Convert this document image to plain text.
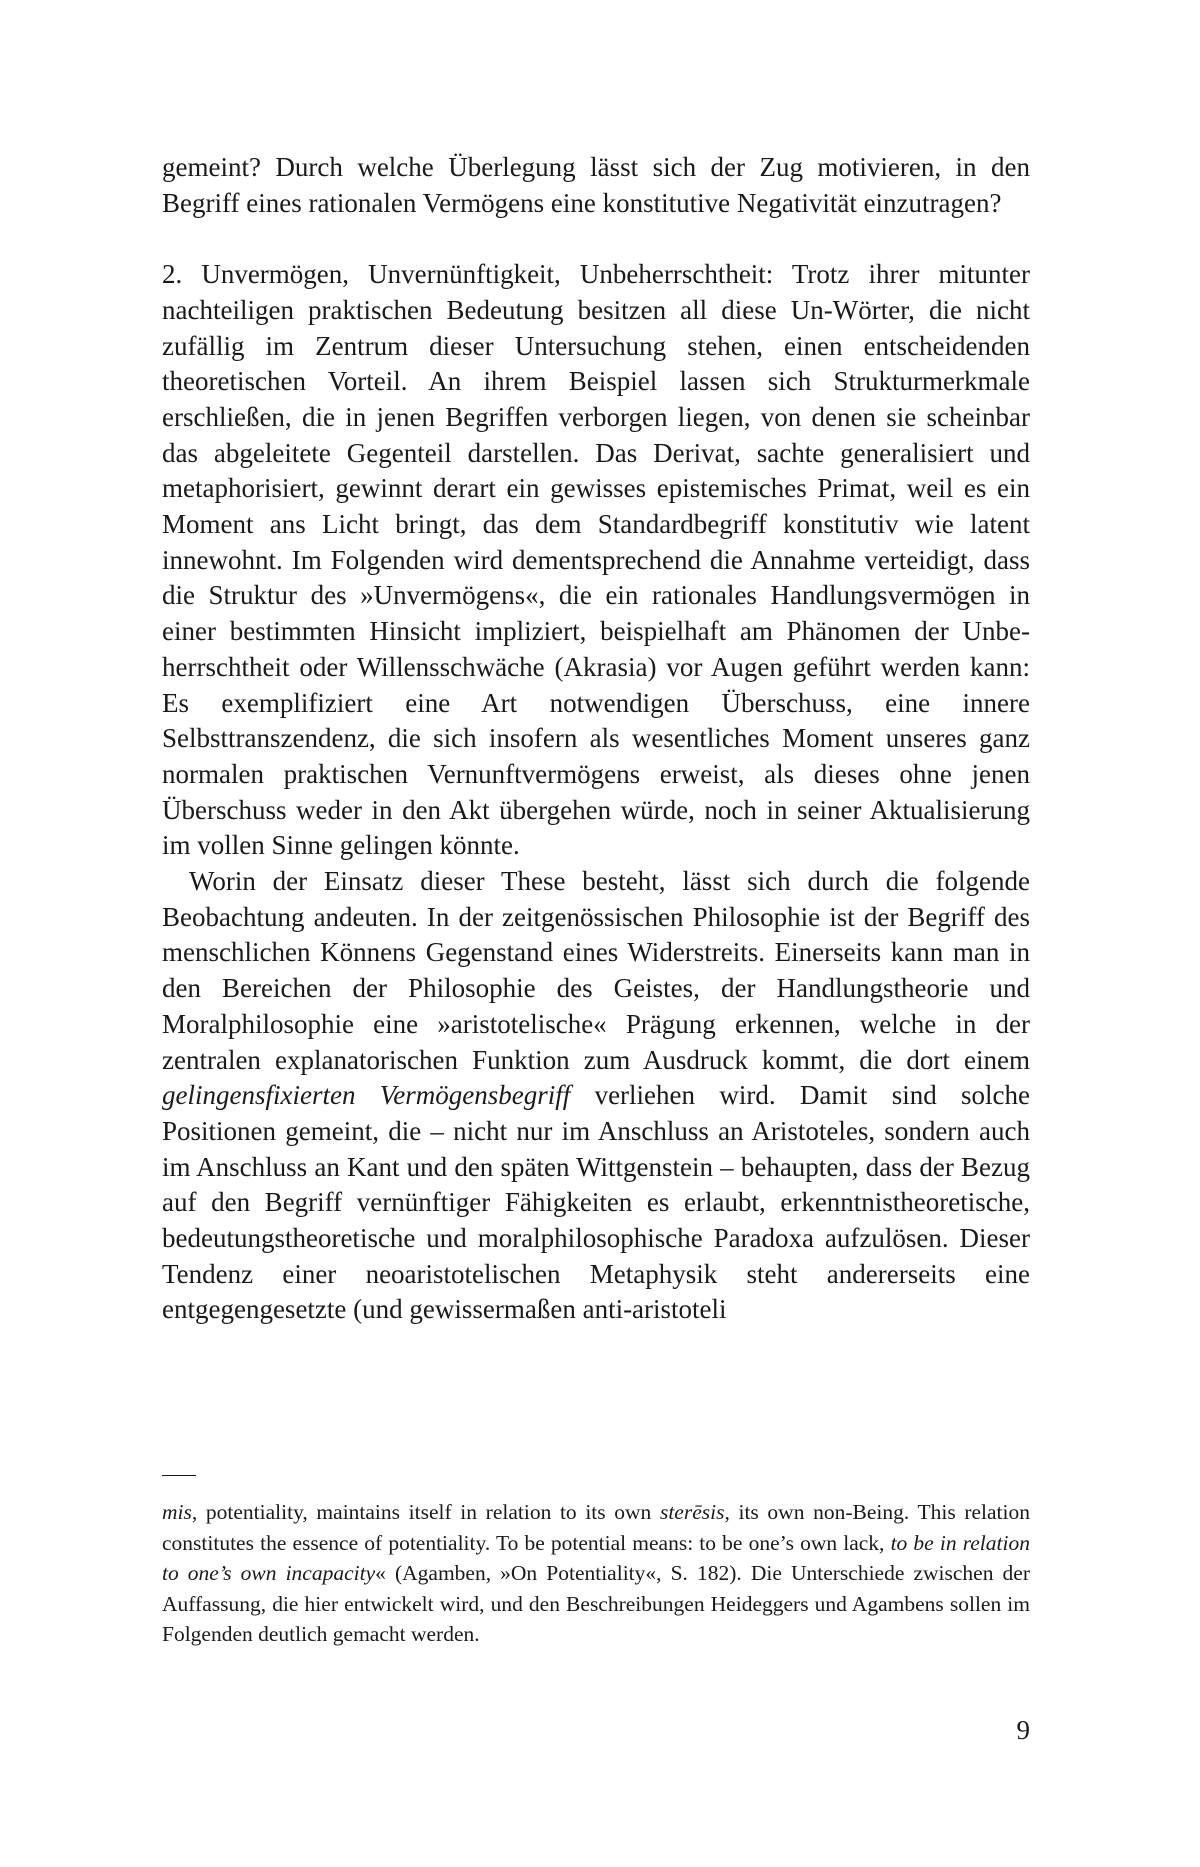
gemeint? Durch welche Überlegung lässt sich der Zug motivieren, in den Begriff eines rationalen Vermögens eine konstitutive Negativität einzutragen?

2. Unvermögen, Unvernünftigkeit, Unbeherrschtheit: Trotz ihrer mitunter nachteiligen praktischen Bedeutung besitzen all diese Un-Wörter, die nicht zufällig im Zentrum dieser Untersuchung stehen, einen entscheidenden theoretischen Vorteil. An ihrem Beispiel lassen sich Strukturmerkmale erschließen, die in jenen Begriffen verborgen liegen, von denen sie scheinbar das abgeleitete Gegenteil darstellen. Das Derivat, sachte generalisiert und metaphorisiert, gewinnt derart ein gewisses epistemisches Primat, weil es ein Moment ans Licht bringt, das dem Standardbegriff konstitutiv wie latent innewohnt. Im Folgenden wird dementsprechend die Annahme verteidigt, dass die Struktur des »Unvermögens«, die ein rationales Handlungsvermögen in einer bestimmten Hinsicht impliziert, beispielhaft am Phänomen der Unbeherrschtheit oder Willensschwäche (Akrasia) vor Augen geführt werden kann: Es exemplifiziert eine Art notwendigen Überschuss, eine innere Selbsttranszendenz, die sich insofern als wesentliches Moment unseres ganz normalen praktischen Vernunftvermögens erweist, als dieses ohne jenen Überschuss weder in den Akt übergehen würde, noch in seiner Aktualisierung im vollen Sinne gelingen könnte.

Worin der Einsatz dieser These besteht, lässt sich durch die folgende Beobachtung andeuten. In der zeitgenössischen Philosophie ist der Begriff des menschlichen Könnens Gegenstand eines Widerstreits. Einerseits kann man in den Bereichen der Philosophie des Geistes, der Handlungstheorie und Moralphilosophie eine »aristotelische« Prägung erkennen, welche in der zentralen explanatorischen Funktion zum Ausdruck kommt, die dort einem gelingensfixierten Vermögensbegriff verliehen wird. Damit sind solche Positionen gemeint, die – nicht nur im Anschluss an Aristoteles, sondern auch im Anschluss an Kant und den späten Wittgenstein – behaupten, dass der Bezug auf den Begriff vernünftiger Fähigkeiten es erlaubt, erkenntnistheoretische, bedeutungstheoretische und moralphilosophische Paradoxa aufzulösen. Dieser Tendenz einer neoaristotelischen Metaphysik steht andererseits eine entgegengesetzte (und gewissermaßen anti-aristoteli

mis, potentiality, maintains itself in relation to its own sterēsis, its own non-Being. This relation constitutes the essence of potentiality. To be potential means: to be one’s own lack, to be in relation to one’s own incapacity« (Agamben, »On Potentiality«, S. 182). Die Unterschiede zwischen der Auffassung, die hier entwickelt wird, und den Beschreibungen Heideggers und Agambens sollen im Folgenden deutlich gemacht werden.

9
